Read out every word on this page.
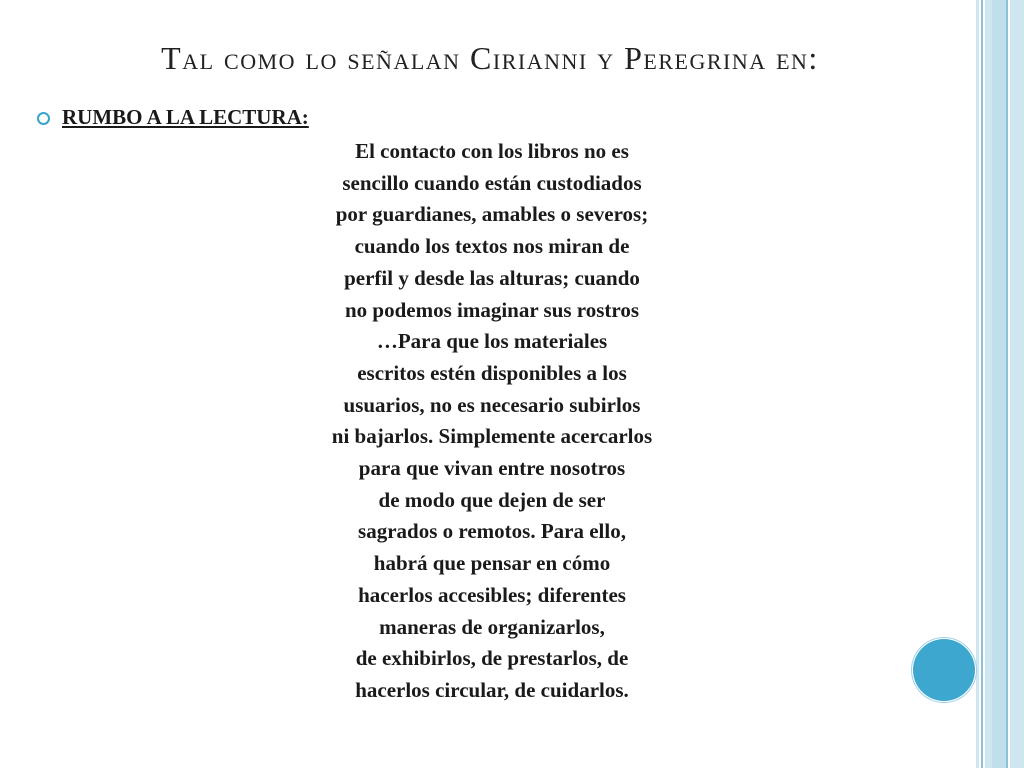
Tal como lo señalan Cirianni y Peregrina en:

RUMBO A LA LECTURA:

El contacto con los libros no es
sencillo cuando están custodiados
por guardianes, amables o severos;
cuando los textos nos miran de
perfil y desde las alturas; cuando
no podemos imaginar sus rostros
…Para que los materiales
escritos estén disponibles a los
usuarios, no es necesario subirlos
ni bajarlos. Simplemente acercarlos
para que vivan entre nosotros
de modo que dejen de ser
sagrados o remotos. Para ello,
habrá que pensar en cómo
hacerlos accesibles; diferentes
maneras de organizarlos,
de exhibirlos, de prestarlos, de
hacerlos circular, de cuidarlos.
